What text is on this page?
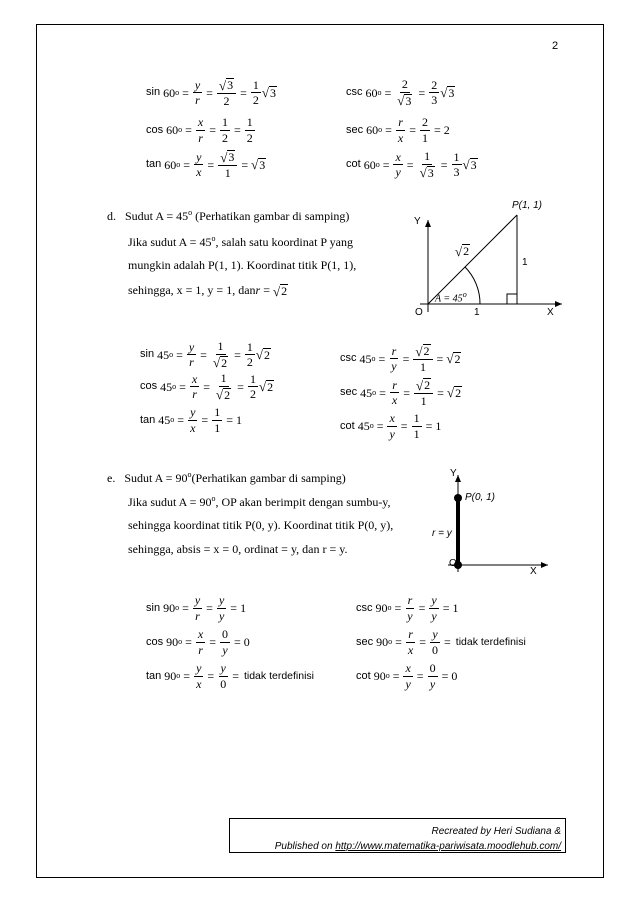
2
sin 60 $o = \frac{y}{r} = \frac{√ 3}{2} = \frac{1}{2}$ √ 3
cos 60 $o = \frac{x}{r} = \frac{1}{2} = \frac{1}{2}$
tan 60 $o = \frac{y}{x} = \frac{√ 3}{1}$ = √ 3
csc 60 $o = \frac{2}{√ 3} = \frac{2}{3}$ √ 3
sec 60 $o = \frac{r}{x} = \frac{2}{1} = 2$
cot 60 $o = \frac{x}{y} = \frac{1}{√ 3} = \frac{1}{3}$ √ 3
d. Sudut $A = 45^o$ (Perhatikan gambar di samping)
Jika sudut $A = 45^o$, salah satu koordinat P yang
mungkin adalah P(1, 1). Koordinat titik P(1, 1),
sehingga, x = 1, y = 1, dan r = √ 2
P(1, 1)
Y
X
O	1
1
√ 2
$A = 45^o$
sin 45 $o = \frac{y}{r} = \frac{1}{√ 2} = \frac{1}{2}$ √ 2
cos 45 $o = \frac{x}{r} = \frac{1}{√ 2} = \frac{1}{2}$ √ 2
tan 45 $o = \frac{y}{x} = \frac{1}{1} = 1$
csc 45 $o = \frac{r}{y} = \frac{√ 2}{1}$ = √ 2
sec 45 $o = \frac{r}{x} = \frac{√ 2}{1}$ = √ 2
cot 45 $o = \frac{x}{y} = \frac{1}{1} = 1$
e. Sudut $A = 90^o(Perhatikan$ gambar di samping)
Jika sudut $A = 90^o$, OP akan berimpit dengan sumbu-y,
sehingga koordinat titik P(0, y). Koordinat titik P(0, y),
sehingga, absis = x = 0, ordinat = y, dan r = y.
Y
P(0, 1)
r = y
O
X
sin 90 $o = \frac{y}{r} = \frac{y}{y} = 1$
cos 90 $o = \frac{x}{r} = \frac{0}{y} = 0$
tan 90 $o = \frac{y}{x} = \frac{y}{0}$ = tidak terdefinisi
csc 90 $o = \frac{r}{y} = \frac{y}{y} = 1$
sec 90 $o = \frac{r}{x} = \frac{y}{0}$ = tidak terdefinisi
cot 90 $o = \frac{x}{y} = \frac{0}{y} = 0$
Recreated by Heri Sudiana &
Published on http://www.matematika-pariwisata.moodlehub.com/
